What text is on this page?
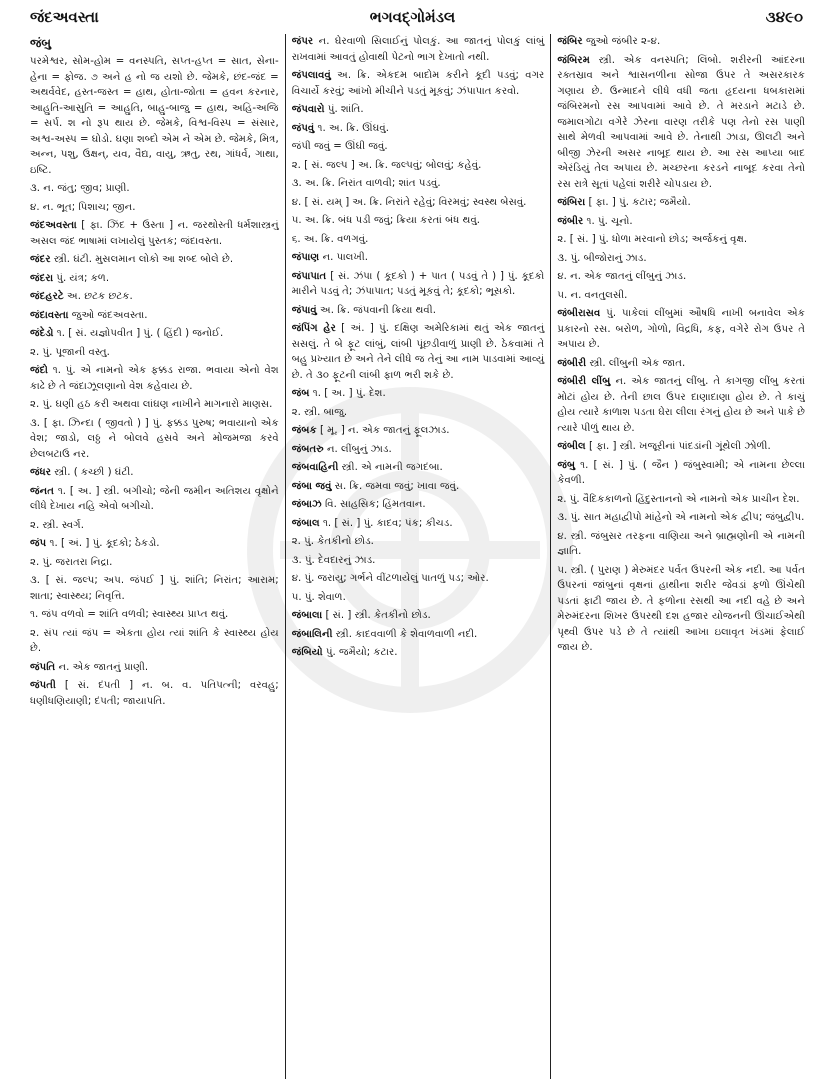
જંદઅવસ્તા	ભગવદ્ગોમંડલ	૩૪૯૦
જંબુ
પરમેશ્વર, સોમ-હોમ = વનસ્પતિ, સપ્ત-હપ્ત = સાત, સેના-હેના = ફોજ. ૭ અને હ નો જ યશો છે. જેમકે, છંદ-જંદ = અથર્વવેદ, હસ્ત-જસ્ત = હાથ, હોતા-જોતા = હવન કરનાર, આહુતિ-આસુતિ = આહુતિ, બાહુ-બાજુ = હાથ, અહિ-અજિ = સર્પ. શ નો રૂપ થાય છે. જેમકે, વિશ્વ-વિસ્પ = સંસાર, અશ્વ-અસ્પ = ઘોડો. ઘણા શબ્દો એમ ને એમ છે. જેમકે, મિત્ર, અન્ન, પશુ, ઉક્ષન્, યવ, વૈદ્ય, વાયુ, ઋતુ, રથ, ગાંધર્વ, ગાથા, ઇષ્ટિ.
૩. ન. જંતુ; જીવ; પ્રાણી.
૪. ન. ભૂત; પિશાચ; જીન.
જંદઅવસ્તા [ ફા. ઝિંદ + ઉસ્તા ] ન. જરથોસ્તી ધર્મશાસ્ત્રનું અસલ જંદ ભાષામાં લખાયેલું પુસ્તક; જંદાવસ્તા.
જંદર સ્ત્રી. ઘંટી. મુસલમાન લોકો આ શબ્દ બોલે છે.
જંદરા પું. યંત્ર; કળ.
જંદહરટે અ. છટક છટક.
જંદાવસ્તા જુઓ જંદઅવસ્તા.
જંદેડો ૧. [ સં. યજ્ઞોપવીત ] પું. ( હિંદી ) જનોઈ.
૨. પું. પૂજાની વસ્તુ.
જંદો ૧. પું. એ નામનો એક ફક્કડ રાજા. ભવાયા એનો વેશ કાઢે છે તે જંદાઝૂલણાનો વેશ કહેવાય છે.
૨. પું. ઘણી હઠ કરી અથવા લાંઘણ નાખીને માગનારો માણસ.
૩. [ ફા. ઝિન્દા ( જીવતો ) ] પું. ફક્કડ પુરુષ; ભવાયાનો એક વેશ; જાડો, લઠ્ઠ ને બોલવે હસવે અને મોજમજા કરવે છેલબટાઉ નર.
જંધર સ્ત્રી. ( કચ્છી ) ઘંટી.
જંનત ૧. [ અ. ] સ્ત્રી. બગીચો; જેની જમીન અતિશય વૃક્ષોને લીધે દેખાય નહિ એવો બગીચો.
૨. સ્ત્રી. સ્વર્ગ.
જંપ ૧. [ અં. ] પું. કૂદકો; ઠેકડો.
૨. પું. જરાતરા નિદ્રા.
૩. [ સં. જલ્પ; અપ. જંપઈ ] પું. શાંતિ; નિરાંત; આરામ; શાતા; સ્વાસ્થ્ય; નિવૃત્તિ.
૧. જંપ વળવો = શાંતિ વળવી; સ્વાસ્થ્ય પ્રાપ્ત થવું.
૨. સંપ ત્યાં જંપ = એકતા હોય ત્યાં શાંતિ કે સ્વાસ્થ્ય હોય છે.
જંપતિ ન. એક જાતનું પ્રાણી.
જંપતી [ સં. દંપતી ] ન. બ. વ. પતિપત્ની; વરવહુ; ધણીધણિયાણી; દંપતી; જાયાપતિ.
જંપર ન. ઘેરવાળો સિલાઈનું પોલકું. આ જાતનું પોલકું લાંબું રાખવામાં આવતું હોવાથી પેટનો ભાગ દેખાતો નથી.
જંપલાવવું અ. ક્રિ. એકદમ બાદોમ કરીને કૂદી પડવું; વગર વિચાર્યે કરવું; આંખો મીચીને પડતું મૂકવું; ઝંપાપાત કરવો.
જંપવારો પું. શાંતિ.
જંપવું ૧. અ. ક્રિ. ઊંઘવું.
જંપી જવું = ઊંઘી જવું.
૨. [ સં. જલ્પ ] અ. ક્રિ. જલ્પવું; બોલવું; કહેવું.
૩. અ. ક્રિ. નિરાંત વાળવી; શાંત પડવું.
૪. [ સં. યમ્ ] અ. ક્રિ. નિરાંતે રહેવું; વિરમવું; સ્વસ્થ બેસવું.
૫. અ. ક્રિ. બંધ પડી જવું; ક્રિયા કરતાં બંધ થવું.
૬. અ. ક્રિ. વળગવું.
જંપાણ ન. પાલખી.
જંપાપાત [ સં. ઝંપા ( કૂદકો ) + પાત ( પડવું તે ) ] પું. કૂદકો મારીને પડવું તે; ઝંપાપાત; પડતું મૂકવું તે; કૂદકો; ભૂસકો.
જંપાવું અ. ક્રિ. જંપવાની ક્રિયા થવી.
જંપિંગ હેર [ અં. ] પું. દક્ષિણ અમેરિકામાં થતું એક જાતનું સસલું. તે બે ફૂટ લાંબું, લાંબી પૂંછડીવાળું પ્રાણી છે. ઠેકવામાં તે બહુ પ્રખ્યાત છે અને તેને લીધે જ તેનું આ નામ પાડવામાં આવ્યું છે. તે ૩૦ ફૂટની લાંબી ફાળ ભરી શકે છે.
જંબ ૧. [ અ. ] પું. દેશ.
૨. સ્ત્રી. બાજુ.
જંબક [ મૂ. ] ન. એક જાતનું ફૂલઝાડ.
જંબતરુ ન. લીંબુનું ઝાડ.
જંબવાહિની સ્ત્રી. એ નામની જગદંબા.
જંબા જવું સ. ક્રિ. જમવા જવું; ખાવા જવું.
જંબાઝ વિ. સાહસિક; હિંમતવાન.
જંબાલ ૧. [ સં. ] પું. કાદવ; પંક; કીચડ.
૨. પું. કેતકીનો છોડ.
૩. પું. દેવદારનું ઝાડ.
૪. પું. જરાયુ; ગર્ભને વીંટળાયેલું પાતળું પડ; ઓર.
૫. પું. શેવાળ.
જંબાલા [ સં. ] સ્ત્રી. કેતકીનો છોડ.
જંબાલિની સ્ત્રી. કાદવવાળી કે શેવાળવાળી નદી.
જંબિયો પું. જમૈયો; કટાર.
જંબિર જુઓ જંબીર ૨-૪.
જંબિરમ સ્ત્રી. એક વનસ્પતિ; લિંબો. શરીરની આંદરના રક્તસ્રાવ અને શ્વાસનળીના સોજા ઉપર તે અસરકારક ગણાય છે. ઉન્માદને લીધે વધી જતા હૃદયના ધબકારામાં જંબિરમનો રસ આપવામાં આવે છે. તે મરડાને મટાડે છે. જમાલગોટા વગેરે ઝેરના વારણ તરીકે પણ તેનો રસ પાણી સાથે મેળવી આપવામાં આવે છે. તેનાથી ઝાડા, ઊલટી અને બીજી ઝેરની અસર નાબૂદ થાય છે. આ રસ આપ્યા બાદ એરંડિયું તેલ અપાય છે. મચ્છરના કરડને નાબૂદ કરવા તેનો રસ રાત્રે સૂતાં પહેલાં શરીરે ચોપડાય છે.
જંબિરા [ ફા. ] પું. કટાર; જમૈયો.
જંબીર ૧. પું. ચૂનો.
૨. [ સં. ] પું. ધોળા મરવાનો છોડ; અર્જકનું વૃક્ષ.
૩. પું. બીજોરાનું ઝાડ.
૪. ન. એક જાતનું લીંબુનું ઝાડ.
૫. ન. વનતુલસી.
જંબીરાસવ પું. પાકેલાં લીંબુમાં ઔષધિ નાખી બનાવેલ એક પ્રકારનો રસ. બરોળ, ગોળો, વિદ્રધિ, કફ, વગેરે રોગ ઉપર તે અપાય છે.
જંબીરી સ્ત્રી. લીંબુની એક જાત.
જંબીરી લીંબુ ન. એક જાતનું લીંબુ. તે કાગજી લીંબુ કરતાં મોટાં હોય છે. તેની છાલ ઉપર દાણાદાણા હોય છે. તે કાચું હોય ત્યારે કાળાશ પડતા ઘેરા લીલા રંગનું હોય છે અને પાકે છે ત્યારે પીળું થાય છે.
જંબીલ [ ફા. ] સ્ત્રી. ખજૂરીનાં પાંદડાંની ગૂંથેલી ઝોળી.
જંબુ ૧. [ સં. ] પું. ( જૈન ) જંબુસ્વામી; એ નામના છેલ્લા કેવળી.
૨. પું. વૈદિકકાળનો હિંદુસ્તાનનો એ નામનો એક પ્રાચીન દેશ.
૩. પું. સાત મહાદ્વીપો માંહેનો એ નામનો એક દ્વીપ; જંબુદ્વીપ.
૪. સ્ત્રી. જંબુસર તરફના વાણિયા અને બ્રાહ્મણોની એ નામની જ્ઞાતિ.
૫. સ્ત્રી. ( પુરાણ ) મેરુમંદર પર્વત ઉપરની એક નદી. આ પર્વત ઉપરનાં જાંબુનાં વૃક્ષનાં હાથીના શરીર જેવડાં ફળો ઊંચેથી પડતાં ફાટી જાય છે. તે ફળોના રસથી આ નદી વહે છે અને મેરુમંદરના શિખર ઉપરથી દશ હજાર યોજનની ઊંચાઈએથી પૃથ્વી ઉપર પડે છે તે ત્યાંથી આખા ઇલાવૃત ખંડમાં ફેલાઈ જાય છે.
